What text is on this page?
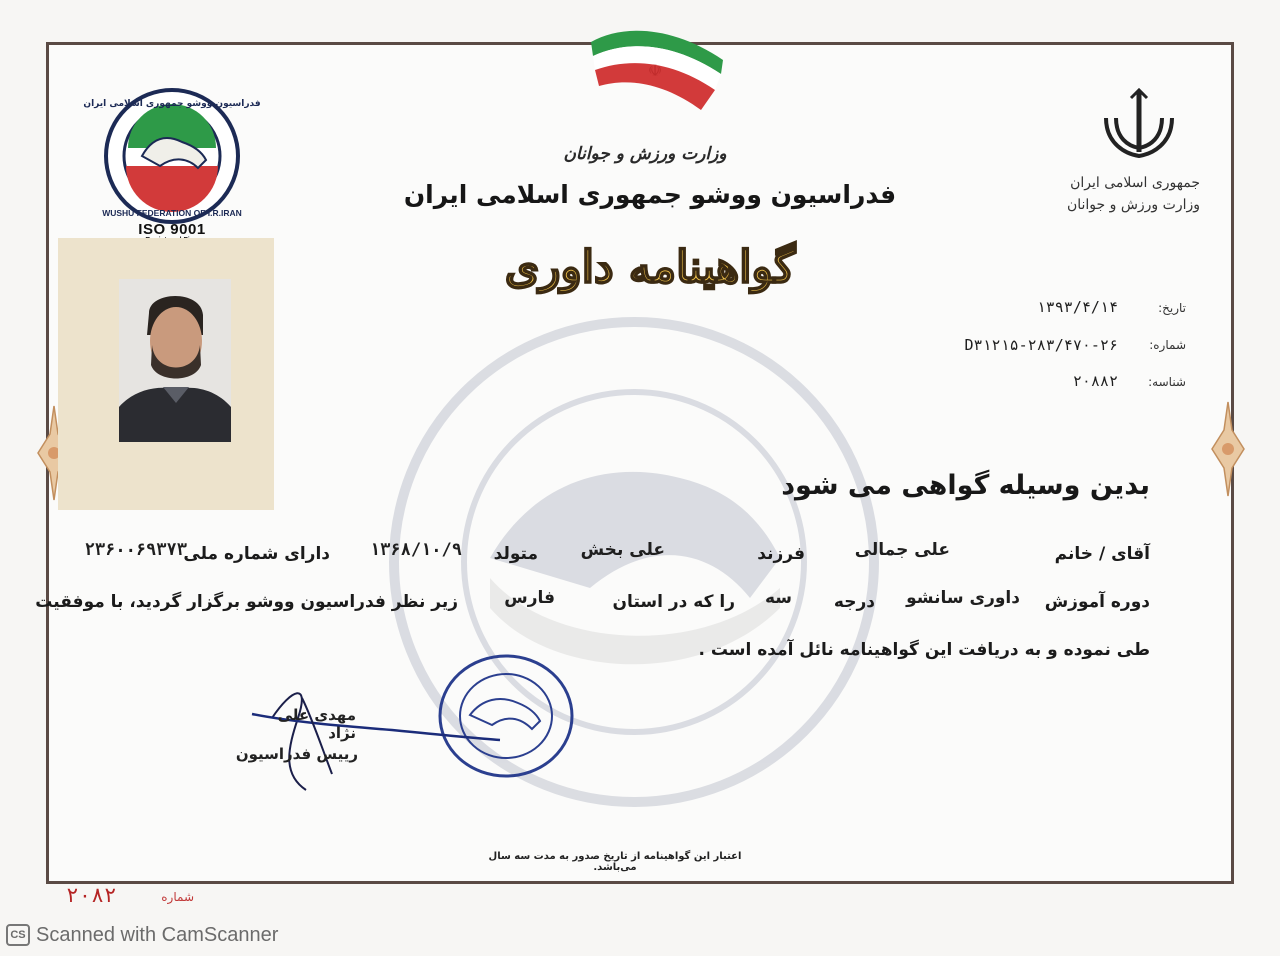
☫
جمهوری اسلامی ایران
وزارت ورزش و جوانان
فدراسیون ووشو جمهوری اسلامی ایران
WUSHU FEDERATION OF I.R.IRAN
ISO 9001
وزارت ورزش و جوانان
فدراسیون ووشو جمهوری اسلامی ایران
گواهینامه داوری
تاریخ:
۱۳۹۳/۴/۱۴
شماره:
D۳۱۲۱۵-۲۸۳/۴۷۰-۲۶
شناسه:
۲۰۸۸۲
بدین وسیله گواهی می شود
آقای / خانم
علی جمالی
فرزند
علی بخش
متولد
۱۳۶۸/۱۰/۹
دارای شماره ملی
۲۳۶۰۰۶۹۳۷۳
دوره آموزش
داوری سانشو
درجه
سه
را که در استان
فارس
زیر نظر فدراسیون ووشو برگزار گردید، با موفقیت
طی نموده و به دریافت این گواهینامه نائل آمده است .
مهدی علی نژاد
رییس فدراسیون
اعتبار این گواهینامه از تاریخ صدور به مدت سه سال می‌باشد.
شماره
۲۰۸۲
CS Scanned with CamScanner
